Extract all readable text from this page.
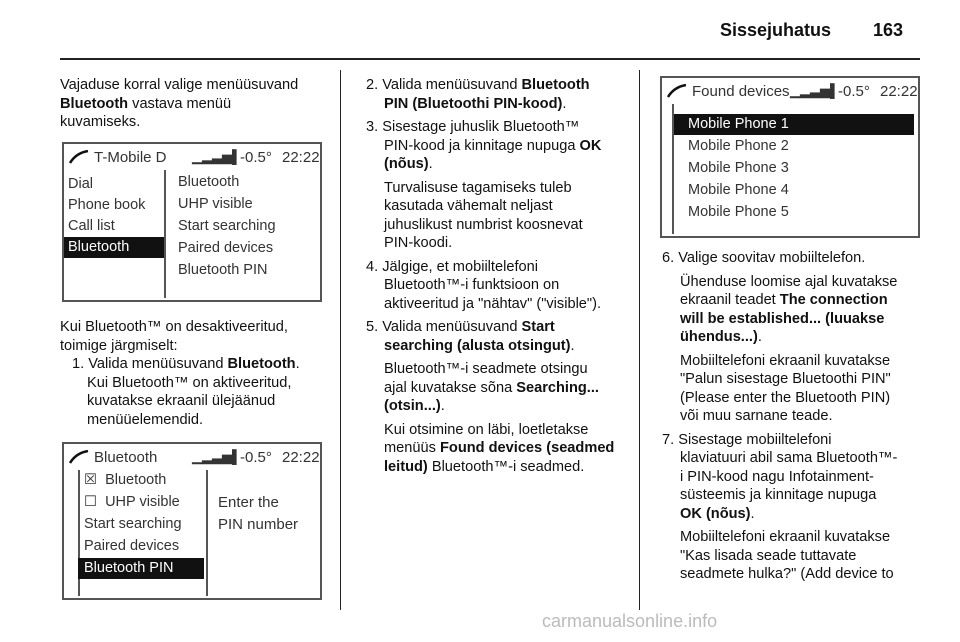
Sissejuhatus 163

Vajaduse korral valige menüüsuvand

Bluetooth vastava menüü

kuvamiseks.

T-Mobile D ▁▂▃▅▌
-0.5° 22:22
Dial
Phone book
Call list
Bluetooth
Bluetooth
UHP visible
Start searching
Paired devices
Bluetooth PIN

Kui Bluetooth™ on desaktiveeritud,

toimige järgmiselt:

1. Valida menüüsuvand Bluetooth.

Kui Bluetooth™ on aktiveeritud,

kuvatakse ekraanil ülejäänud

menüüelemendid.

Bluetooth	▁▂▃▅▌
-0.5° 22:22
☒ Bluetooth
☐ UHP visible
Start searching
Paired devices
Bluetooth PIN
Enter the
PIN number

2. Valida menüüsuvand Bluetooth

PIN (Bluetoothi PIN-kood).

3. Sisestage juhuslik Bluetooth™

PIN-kood ja kinnitage nupuga OK

(nõus).

Turvalisuse tagamiseks tuleb

kasutada vähemalt neljast

juhuslikust numbrist koosnevat

PIN-koodi.

4. Jälgige, et mobiiltelefoni

Bluetooth™-i funktsioon on

aktiveeritud ja "nähtav" ("visible").

5. Valida menüüsuvand Start

searching (alusta otsingut).

Bluetooth™-i seadmete otsingu

ajal kuvatakse sõna Searching...

(otsin...).

Kui otsimine on läbi, loetletakse

menüüs Found devices (seadmed

leitud) Bluetooth™-i seadmed.

Found devices ▁▂▃▅▌
-0.5° 22:22
Mobile Phone 1
Mobile Phone 2
Mobile Phone 3
Mobile Phone 4
Mobile Phone 5

6. Valige soovitav mobiiltelefon.

Ühenduse loomise ajal kuvatakse

ekraanil teadet The connection

will be established... (luuakse

ühendus...).

Mobiiltelefoni ekraanil kuvatakse

"Palun sisestage Bluetoothi PIN"

(Please enter the Bluetooth PIN)

või muu sarnane teade.

7. Sisestage mobiiltelefoni

klaviatuuri abil sama Bluetooth™-

i PIN-kood nagu Infotainment-

süsteemis ja kinnitage nupuga

OK (nõus).

Mobiiltelefoni ekraanil kuvatakse

"Kas lisada seade tuttavate

seadmete hulka?" (Add device to

carmanualsonline.info
